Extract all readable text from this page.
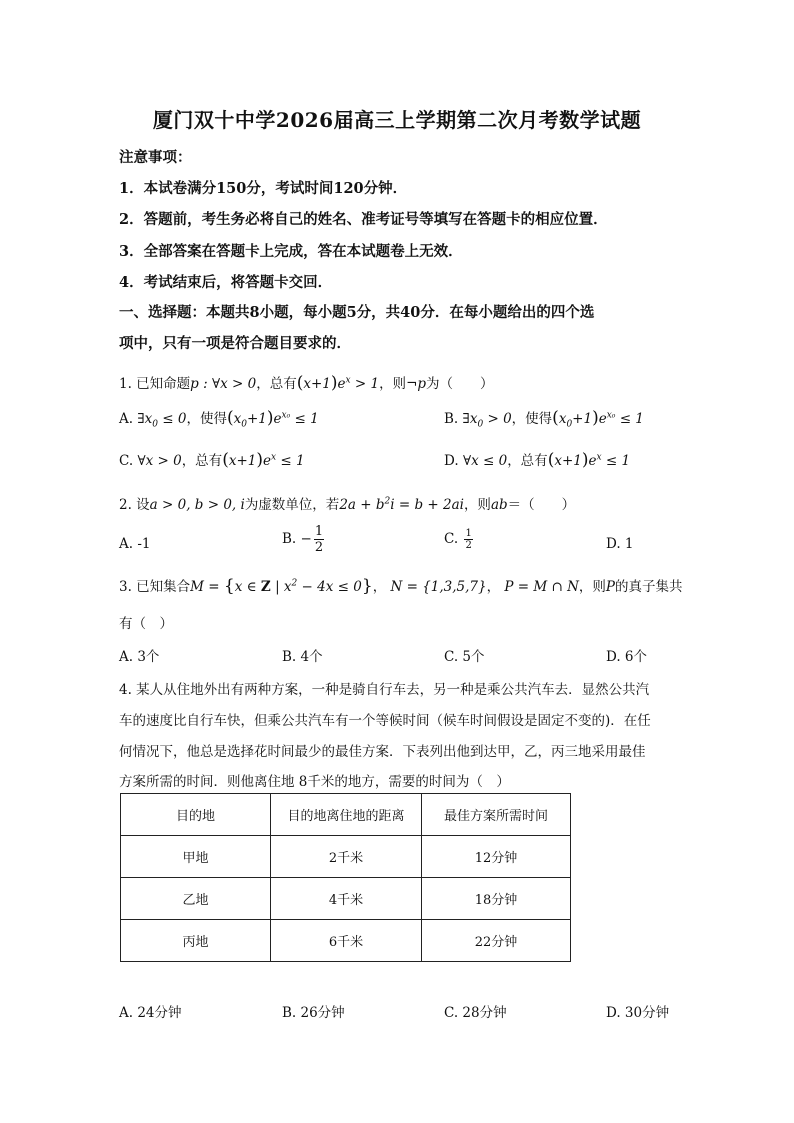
厦门双十中学2026届高三上学期第二次月考数学试题
注意事项：
1．本试卷满分150分，考试时间120分钟．
2．答题前，考生务必将自己的姓名、准考证号等填写在答题卡的相应位置．
3．全部答案在答题卡上完成，答在本试题卷上无效．
4．考试结束后，将答题卡交回．
一、选择题：本题共8小题，每小题5分，共40分．在每小题给出的四个选
项中，只有一项是符合题目要求的．
1. 已知命题p : ∀x > 0，总有$(x+1)e^x > 1$，则¬p为（　　）
A. $\exists x_0 \le 0$，使得$(x_0+1)e^{x_0} \le 1$	B. $\exists x_0 > 0$，使得$(x_0+1)e^{x_0} \le 1$
C. ∀x > 0，总有$(x+1)e^x \le 1$	D. ∀x ≤ 0，总有$(x+1)e^x \le 1$
2. 设a > 0, b > 0, i为虚数单位，若$2a + b^2i = b + 2ai$，则ab＝（　　）
A. -1	B. − $\frac{1}{2}$	C. $\frac{1}{2}$	D. 1
3. 已知集合M = {x ∈ Z | $x^2 - 4x \le 0$}， N = {1,3,5,7}， P = M ∩ N，则P的真子集共
有（　）
A. 3个	B. 4个	C. 5个	D. 6个
4. 某人从住地外出有两种方案，一种是骑自行车去，另一种是乘公共汽车去．显然公共汽
车的速度比自行车快，但乘公共汽车有一个等候时间（候车时间假设是固定不变的)．在任
何情况下，他总是选择花时间最少的最佳方案．下表列出他到达甲，乙，丙三地采用最佳
方案所需的时间．则他离住地 8千米的地方，需要的时间为（　）
目的地	目的地离住地的距离	最佳方案所需时间
甲地	2千米	12分钟
乙地	4千米	18分钟
丙地	6千米	22分钟
A. 24分钟	B. 26分钟	C. 28分钟	D. 30分钟
